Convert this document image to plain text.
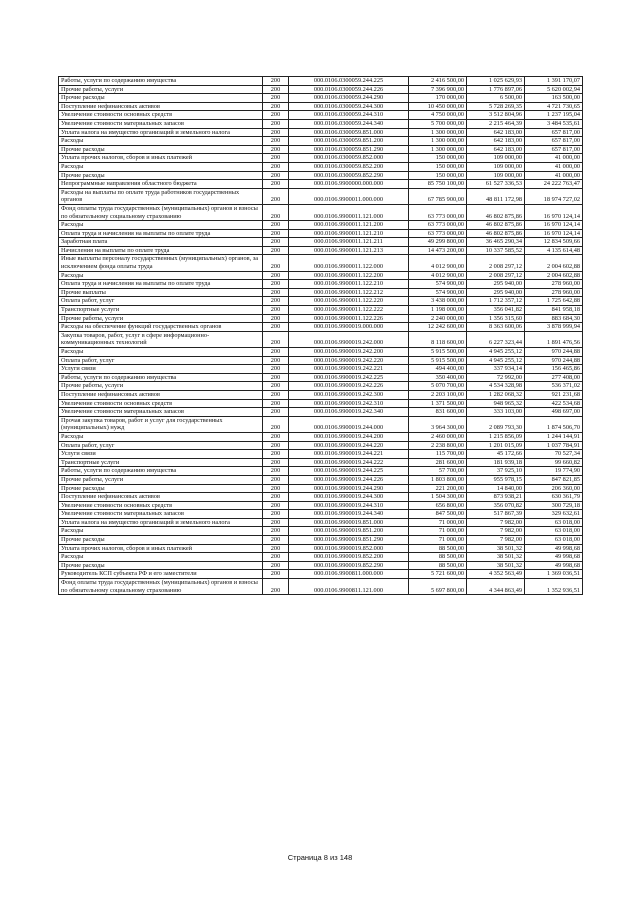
Работы, услуги по содержанию имущества	200	000.0106.0300059.244.225	2 416 500,00	1 025 629,93	1 391 170,07
Прочие работы, услуги	200	000.0106.0300059.244.226	7 396 900,00	1 776 897,06	5 620 002,94
Прочие расходы	200	000.0106.0300059.244.290	170 000,00	6 500,00	163 500,00
Поступление нефинансовых активов	200	000.0106.0300059.244.300	10 450 000,00	5 728 269,35	4 721 730,65
Увеличение стоимости основных средств	200	000.0106.0300059.244.310	4 750 000,00	3 512 804,96	1 237 195,04
Увеличение стоимости материальных запасов	200	000.0106.0300059.244.340	5 700 000,00	2 215 464,39	3 484 535,61
Уплата налога на имущество организаций и земельного налога	200	000.0106.0300059.851.000	1 300 000,00	642 183,00	657 817,00
Расходы	200	000.0106.0300059.851.200	1 300 000,00	642 183,00	657 817,00
Прочие расходы	200	000.0106.0300059.851.290	1 300 000,00	642 183,00	657 817,00
Уплата прочих налогов, сборов и иных платежей	200	000.0106.0300059.852.000	150 000,00	109 000,00	41 000,00
Расходы	200	000.0106.0300059.852.200	150 000,00	109 000,00	41 000,00
Прочие расходы	200	000.0106.0300059.852.290	150 000,00	109 000,00	41 000,00
Непрограммные направления областного бюджета	200	000.0106.9900000.000.000	85 750 100,00	61 527 336,53	24 222 763,47
Расходы на выплаты по оплате труда работников государственных органов	200	000.0106.9900011.000.000	67 785 900,00	48 811 172,98	18 974 727,02
Фонд оплаты труда государственных (муниципальных) органов и взносы по обязательному социальному страхованию	200	000.0106.9900011.121.000	63 773 000,00	46 802 875,86	16 970 124,14
Расходы	200	000.0106.9900011.121.200	63 773 000,00	46 802 875,86	16 970 124,14
Оплата труда и начисления на выплаты по оплате труда	200	000.0106.9900011.121.210	63 773 000,00	46 802 875,86	16 970 124,14
Заработная плата	200	000.0106.9900011.121.211	49 299 800,00	36 465 290,34	12 834 509,66
Начисления на выплаты по оплате труда	200	000.0106.9900011.121.213	14 473 200,00	10 337 585,52	4 135 614,48
Иные выплаты персоналу государственных (муниципальных) органов, за исключением фонда оплаты труда	200	000.0106.9900011.122.000	4 012 900,00	2 008 297,12	2 004 602,88
Расходы	200	000.0106.9900011.122.200	4 012 900,00	2 008 297,12	2 004 602,88
Оплата труда и начисления на выплаты по оплате труда	200	000.0106.9900011.122.210	574 900,00	295 940,00	278 960,00
Прочие выплаты	200	000.0106.9900011.122.212	574 900,00	295 940,00	278 960,00
Оплата работ, услуг	200	000.0106.9900011.122.220	3 438 000,00	1 712 357,12	1 725 642,88
Транспортные услуги	200	000.0106.9900011.122.222	1 198 000,00	356 041,82	841 958,18
Прочие работы, услуги	200	000.0106.9900011.122.226	2 240 000,00	1 356 315,60	883 684,30
Расходы на обеспечение функций государственных органов	200	000.0106.9900019.000.000	12 242 600,00	8 363 600,06	3 878 999,94
Закупка товаров, работ, услуг в сфере информационно-коммуникационных технологий	200	000.0106.9900019.242.000	8 118 600,00	6 227 323,44	1 891 476,56
Расходы	200	000.0106.9900019.242.200	5 915 500,00	4 945 255,12	970 244,88
Оплата работ, услуг	200	000.0106.9900019.242.220	5 915 500,00	4 945 255,12	970 244,88
Услуги связи	200	000.0106.9900019.242.221	494 400,00	337 934,14	156 465,86
Работы, услуги по содержанию имущества	200	000.0106.9900019.242.225	350 400,00	72 992,00	277 408,00
Прочие работы, услуги	200	000.0106.9900019.242.226	5 070 700,00	4 534 328,98	536 371,02
Поступление нефинансовых активов	200	000.0106.9900019.242.300	2 203 100,00	1 282 068,32	921 231,68
Увеличение стоимости основных средств	200	000.0106.9900019.242.310	1 371 500,00	948 965,32	422 534,68
Увеличение стоимости материальных запасов	200	000.0106.9900019.242.340	831 600,00	333 103,00	498 697,00
Прочая закупка товаров, работ и услуг для государственных (муниципальных) нужд	200	000.0106.9900019.244.000	3 964 300,00	2 089 793,30	1 874 506,70
Расходы	200	000.0106.9900019.244.200	2 460 000,00	1 215 856,09	1 244 144,91
Оплата работ, услуг	200	000.0106.9900019.244.220	2 238 800,00	1 201 015,09	1 037 784,91
Услуги связи	200	000.0106.9900019.244.221	115 700,00	45 172,66	70 527,34
Транспортные услуги	200	000.0106.9900019.244.222	281 600,00	181 939,18	99 660,82
Работы, услуги по содержанию имущества	200	000.0106.9900019.244.225	57 700,00	37 925,10	19 774,90
Прочие работы, услуги	200	000.0106.9900019.244.226	1 803 800,00	955 978,15	847 821,85
Прочие расходы	200	000.0106.9900019.244.290	221 200,00	14 840,00	206 360,00
Поступление нефинансовых активов	200	000.0106.9900019.244.300	1 504 300,00	873 938,21	630 361,79
Увеличение стоимости основных средств	200	000.0106.9900019.244.310	656 800,00	356 070,82	300 729,18
Увеличение стоимости материальных запасов	200	000.0106.9900019.244.340	847 500,00	517 867,39	329 632,61
Уплата налога на имущество организаций и земельного налога	200	000.0106.9900019.851.000	71 000,00	7 982,00	63 018,00
Расходы	200	000.0106.9900019.851.200	71 000,00	7 982,00	63 018,00
Прочие расходы	200	000.0106.9900019.851.290	71 000,00	7 982,00	63 018,00
Уплата прочих налогов, сборов и иных платежей	200	000.0106.9900019.852.000	88 500,00	38 501,32	49 998,68
Расходы	200	000.0106.9900019.852.200	88 500,00	38 501,32	49 998,68
Прочие расходы	200	000.0106.9900019.852.290	88 500,00	38 501,32	49 998,68
Руководитель КСП субъекта РФ и его заместители	200	000.0106.9900811.000.000	5 721 600,00	4 352 563,49	1 369 036,51
Фонд оплаты труда государственных (муниципальных) органов и взносы по обязательному социальному страхованию	200	000.0106.9900811.121.000	5 697 800,00	4 344 863,49	1 352 936,51
Страница 8 из 148
